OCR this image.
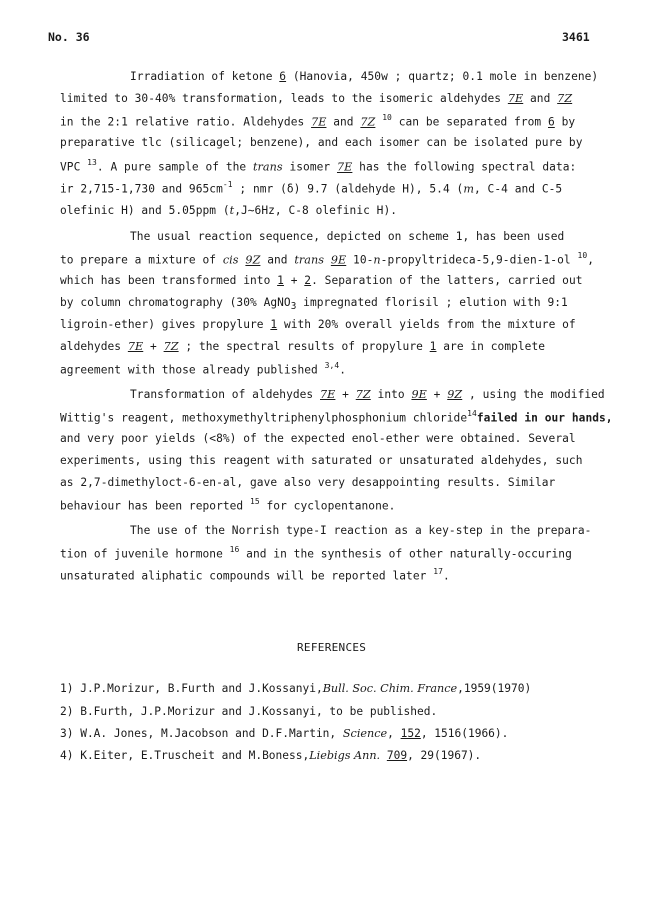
No. 36	3461
Irradiation of ketone 6 (Hanovia, 450w ; quartz; 0.1 mole in benzene)
limited to 30-40% transformation, leads to the isomeric aldehydes 7E and 7Z
in the 2:1 relative ratio. Aldehydes 7E and 7Z $^{10}$ can be separated from 6 by
preparative tlc (silicagel; benzene), and each isomer can be isolated pure by
VPC $^{13}$. A pure sample of the trans isomer 7E has the following spectral data:
ir 2,715-1,730 and $965cm^{-1}$ ; nmr (δ) 9.7 (aldehyde H), 5.4 (m, C-4 and C-5
olefinic H) and 5.05ppm (t,J∼6Hz, C-8 olefinic H).
The usual reaction sequence, depicted on scheme 1, has been used
to prepare a mixture of cis 9Z and trans 9E 10-n-propyltrideca-5,9-dien-1-ol $^{10}$,
which has been transformed into 1 + 2. Separation of the latters, carried out
by column chromatography (30% AgNO$_3$ impregnated florisil ; elution with 9:1
ligroin-ether) gives propylure 1 with 20% overall yields from the mixture of
aldehydes 7E + 7Z ; the spectral results of propylure 1 are in complete
agreement with those already published $^{3,4}$.
Transformation of aldehydes 7E + 7Z into 9E + 9Z , using the modified
Wittig's reagent, methoxymethyltriphenylphosphonium chloride$^{14}$failed in our hands,
and very poor yields (<8%) of the expected enol-ether were obtained. Several
experiments, using this reagent with saturated or unsaturated aldehydes, such
as 2,7-dimethyloct-6-en-al, gave also very desappointing results. Similar
behaviour has been reported $^{15}$ for cyclopentanone.
The use of the Norrish type-I reaction as a key-step in the prepara-
tion of juvenile hormone $^{16}$ and in the synthesis of other naturally-occuring
unsaturated aliphatic compounds will be reported later $^{17}$.
REFERENCES
1) J.P.Morizur, B.Furth and J.Kossanyi,Bull. Soc. Chim. France,1959(1970)
2) B.Furth, J.P.Morizur and J.Kossanyi, to be published.
3) W.A. Jones, M.Jacobson and D.F.Martin, Science, 152, 1516(1966).
4) K.Eiter, E.Truscheit and M.Boness,Liebigs Ann. 709, 29(1967).
